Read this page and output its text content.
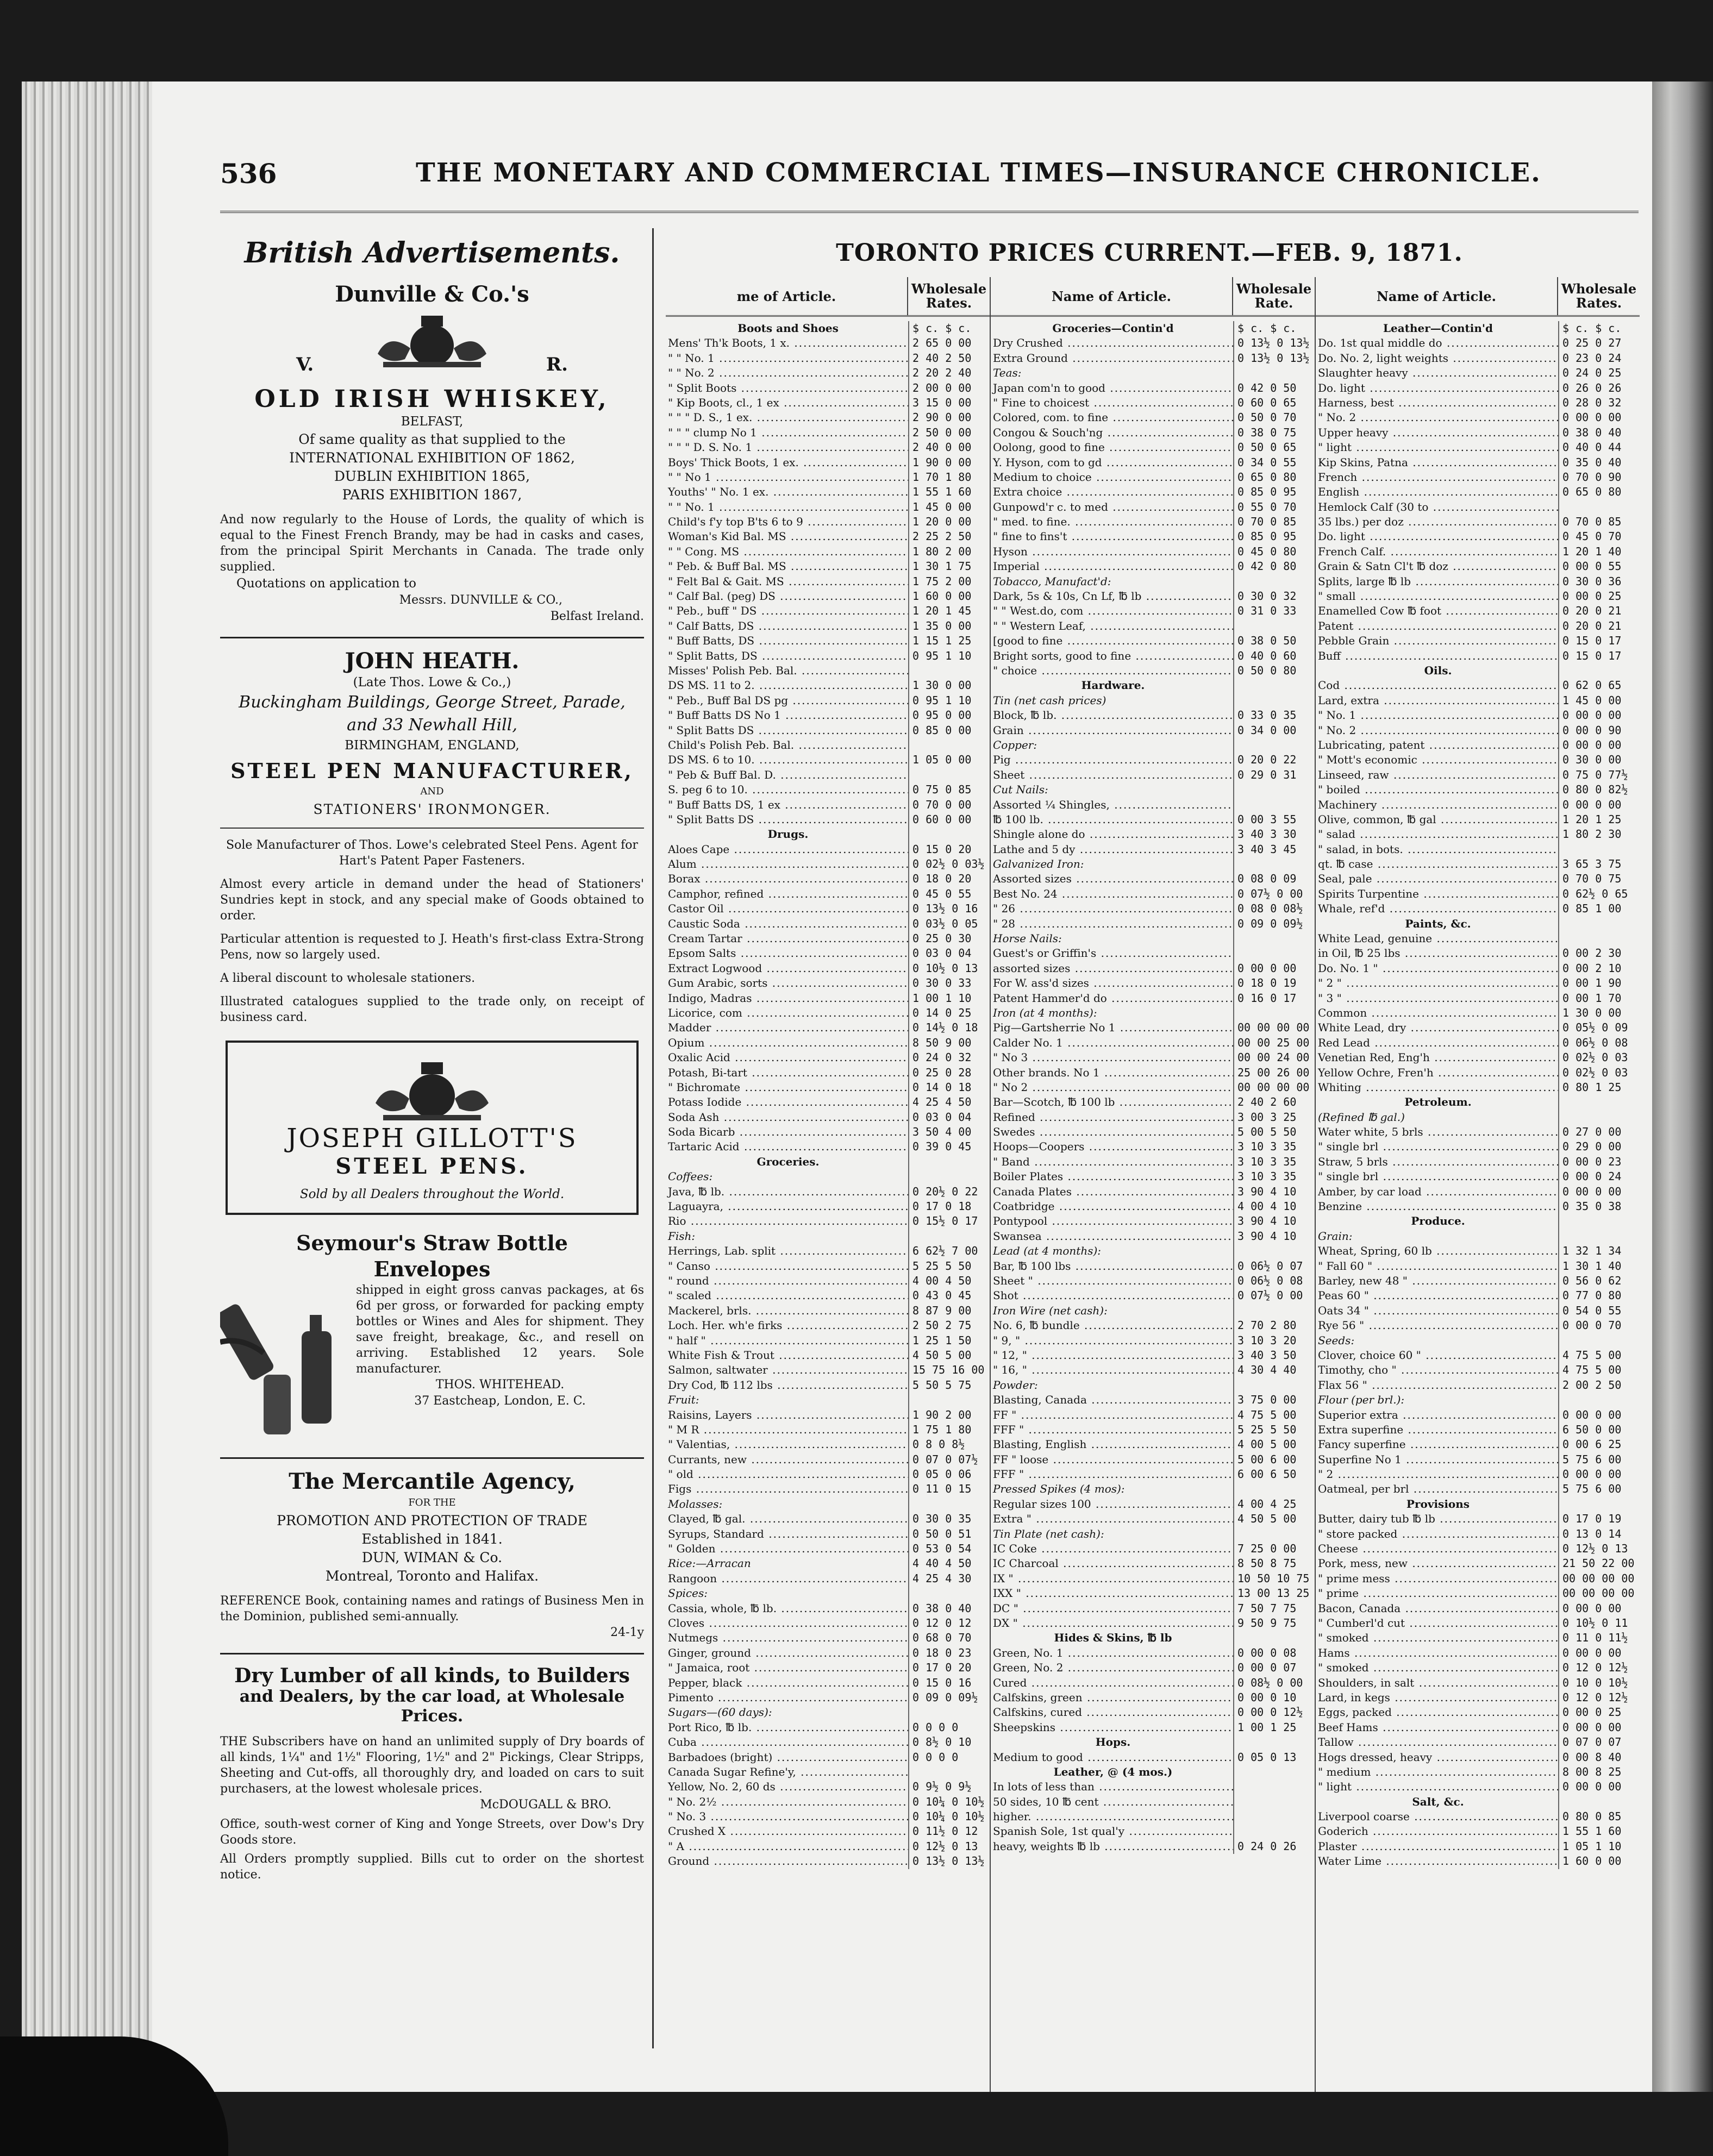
536	THE MONETARY AND COMMERCIAL TIMES—INSURANCE CHRONICLE.
British Advertisements.
Dunville & Co.'s
V.	R.
OLD IRISH WHISKEY,
BELFAST,
Of same quality as that supplied to the
INTERNATIONAL EXHIBITION OF 1862,
DUBLIN EXHIBITION 1865,
PARIS EXHIBITION 1867,
And now regularly to the House of Lords, the quality of which is equal to the Finest French Brandy, may be had in casks and cases, from the principal Spirit Merchants in Canada. The trade only supplied.
Quotations on application to
Messrs. DUNVILLE & CO.,
Belfast Ireland.
JOHN HEATH.
(Late Thos. Lowe & Co.,)
Buckingham Buildings, George Street, Parade,
and 33 Newhall Hill,
BIRMINGHAM, ENGLAND,
STEEL PEN MANUFACTURER,
AND
STATIONERS' IRONMONGER.
Sole Manufacturer of Thos. Lowe's celebrated Steel Pens. Agent for Hart's Patent Paper Fasteners.
Almost every article in demand under the head of Stationers' Sundries kept in stock, and any special make of Goods obtained to order.
Particular attention is requested to J. Heath's first-class Extra-Strong Pens, now so largely used.
A liberal discount to wholesale stationers.
Illustrated catalogues supplied to the trade only, on receipt of business card.
JOSEPH GILLOTT'S
STEEL PENS.
Sold by all Dealers throughout the World.
Seymour's Straw Bottle
Envelopes
shipped in eight gross canvas packages, at 6s 6d per gross, or forwarded for packing empty bottles or Wines and Ales for shipment. They save freight, breakage, &c., and resell on arriving. Established 12 years. Sole manufacturer.
THOS. WHITEHEAD.
37 Eastcheap, London, E. C.
The Mercantile Agency,
FOR THE
PROMOTION AND PROTECTION OF TRADE
Established in 1841.
DUN, WIMAN & Co.
Montreal, Toronto and Halifax.
REFERENCE Book, containing names and ratings of Business Men in the Dominion, published semi-annually.
24-1y
Dry Lumber of all kinds, to Builders
and Dealers, by the car load, at Wholesale Prices.
THE Subscribers have on hand an unlimited supply of Dry boards of all kinds, 1¼" and 1½" Flooring, 1½" and 2" Pickings, Clear Stripps, Sheeting and Cut-offs, all thoroughly dry, and loaded on cars to suit purchasers, at the lowest wholesale prices.
McDOUGALL & BRO.
Office, south-west corner of King and Yonge Streets, over Dow's Dry Goods store.
All Orders promptly supplied. Bills cut to order on the shortest notice.
TORONTO PRICES CURRENT.—FEB. 9, 1871.
me of Article.	Wholesale Rates.
Boots and Shoes	$ c. $ c.
Mens' Th'k Boots, 1 x. .....	2 65 0 00
" " No. 1 .....	2 40 2 50
" " No. 2 .....	2 20 2 40
" Split Boots .....	2 00 0 00
" Kip Boots, cl., 1 ex .....	3 15 0 00
" " " D. S., 1 ex. .....	2 90 0 00
" " " clump No 1 .....	2 50 0 00
" " " D. S. No. 1 .....	2 40 0 00
Boys' Thick Boots, 1 ex. .....	1 90 0 00
" " No 1 .....	1 70 1 80
Youths' " No. 1 ex. .....	1 55 1 60
" " No. 1 .....	1 45 0 00
Child's f'y top B'ts 6 to 9 .....	1 20 0 00
Woman's Kid Bal. MS .....	2 25 2 50
" " Cong. MS .....	1 80 2 00
" Peb. & Buff Bal. MS .....	1 30 1 75
" Felt Bal & Gait. MS .....	1 75 2 00
" Calf Bal. (peg) DS .....	1 60 0 00
" Peb., buff " DS .....	1 20 1 45
" Calf Batts, DS .....	1 35 0 00
" Buff Batts, DS .....	1 15 1 25
" Split Batts, DS .....	0 95 1 10
Misses' Polish Peb. Bal. .....
DS MS. 11 to 2. .....	1 30 0 00
" Peb., Buff Bal DS pg .....	0 95 1 10
" Buff Batts DS No 1 .....	0 95 0 00
" Split Batts DS .....	0 85 0 00
Child's Polish Peb. Bal. .....
DS MS. 6 to 10. .....	1 05 0 00
" Peb & Buff Bal. D. .....
S. peg 6 to 10. .....	0 75 0 85
" Buff Batts DS, 1 ex .....	0 70 0 00
" Split Batts DS .....	0 60 0 00
Drugs.
Aloes Cape .....	0 15 0 20
Alum .....	0 02½ 0 03½
Borax .....	0 18 0 20
Camphor, refined .....	0 45 0 55
Castor Oil .....	0 13½ 0 16
Caustic Soda .....	0 03½ 0 05
Cream Tartar .....	0 25 0 30
Epsom Salts .....	0 03 0 04
Extract Logwood .....	0 10½ 0 13
Gum Arabic, sorts .....	0 30 0 33
Indigo, Madras .....	1 00 1 10
Licorice, com .....	0 14 0 25
Madder .....	0 14½ 0 18
Opium .....	8 50 9 00
Oxalic Acid .....	0 24 0 32
Potash, Bi-tart .....	0 25 0 28
" Bichromate .....	0 14 0 18
Potass Iodide .....	4 25 4 50
Soda Ash .....	0 03 0 04
Soda Bicarb .....	3 50 4 00
Tartaric Acid .....	0 39 0 45
Groceries.
Coffees:
Java, ℔ lb. .....	0 20½ 0 22
Laguayra, .....	0 17 0 18
Rio .....	0 15½ 0 17
Fish:
Herrings, Lab. split .....	6 62½ 7 00
" Canso .....	5 25 5 50
" round .....	4 00 4 50
" scaled .....	0 43 0 45
Mackerel, brls. .....	8 87 9 00
Loch. Her. wh'e firks .....	2 50 2 75
" half " .....	1 25 1 50
White Fish & Trout .....	4 50 5 00
Salmon, saltwater .....	15 75 16 00
Dry Cod, ℔ 112 lbs .....	5 50 5 75
Fruit:
Raisins, Layers .....	1 90 2 00
" M R .....	1 75 1 80
" Valentias, .....	0 8 0 8½
Currants, new .....	0 07 0 07½
" old .....	0 05 0 06
Figs .....	0 11 0 15
Molasses:
Clayed, ℔ gal. .....	0 30 0 35
Syrups, Standard .....	0 50 0 51
" Golden .....	0 53 0 54
Rice:—Arracan	4 40 4 50
Rangoon .....	4 25 4 30
Spices:
Cassia, whole, ℔ lb. .....	0 38 0 40
Cloves .....	0 12 0 12
Nutmegs .....	0 68 0 70
Ginger, ground .....	0 18 0 23
" Jamaica, root .....	0 17 0 20
Pepper, black .....	0 15 0 16
Pimento .....	0 09 0 09½
Sugars—(60 days):
Port Rico, ℔ lb. .....	0 0 0 0
Cuba .....	0 8½ 0 10
Barbadoes (bright) .....	0 0 0 0
Canada Sugar Refine'y, .....
Yellow, No. 2, 60 ds .....	0 9½ 0 9½
" No. 2½ .....	0 10¼ 0 10½
" No. 3 .....	0 10¼ 0 10½
Crushed X .....	0 11½ 0 12
" A .....	0 12½ 0 13
Ground .....	0 13½ 0 13½
Name of Article.	Wholesale Rate.
Groceries—Contin'd	$ c. $ c.
Dry Crushed .....	0 13½ 0 13½
Extra Ground .....	0 13½ 0 13½
Teas:
Japan com'n to good .....	0 42 0 50
" Fine to choicest .....	0 60 0 65
Colored, com. to fine .....	0 50 0 70
Congou & Souch'ng .....	0 38 0 75
Oolong, good to fine .....	0 50 0 65
Y. Hyson, com to gd .....	0 34 0 55
Medium to choice .....	0 65 0 80
Extra choice .....	0 85 0 95
Gunpowd'r c. to med .....	0 55 0 70
" med. to fine. .....	0 70 0 85
" fine to fins't .....	0 85 0 95
Hyson .....	0 45 0 80
Imperial .....	0 42 0 80
Tobacco, Manufact'd:
Dark, 5s & 10s, Cn Lf, ℔ lb .....	0 30 0 32
" " West.do, com .....	0 31 0 33
" " Western Leaf, .....
[good to fine .....	0 38 0 50
Bright sorts, good to fine .....	0 40 0 60
" choice .....	0 50 0 80
Hardware.
Tin (net cash prices)
Block, ℔ lb. .....	0 33 0 35
Grain .....	0 34 0 00
Copper:
Pig .....	0 20 0 22
Sheet .....	0 29 0 31
Cut Nails:
Assorted ¼ Shingles, .....
℔ 100 lb. .....	0 00 3 55
Shingle alone do .....	3 40 3 30
Lathe and 5 dy .....	3 40 3 45
Galvanized Iron:
Assorted sizes .....	0 08 0 09
Best No. 24 .....	0 07½ 0 00
" 26 .....	0 08 0 08½
" 28 .....	0 09 0 09½
Horse Nails:
Guest's or Griffin's .....
assorted sizes .....	0 00 0 00
For W. ass'd sizes .....	0 18 0 19
Patent Hammer'd do .....	0 16 0 17
Iron (at 4 months):
Pig—Gartsherrie No 1 .....	00 00 00 00
Calder No. 1 .....	00 00 25 00
" No 3 .....	00 00 24 00
Other brands. No 1 .....	25 00 26 00
" No 2 .....	00 00 00 00
Bar—Scotch, ℔ 100 lb .....	2 40 2 60
Refined .....	3 00 3 25
Swedes .....	5 00 5 50
Hoops—Coopers .....	3 10 3 35
" Band .....	3 10 3 35
Boiler Plates .....	3 10 3 35
Canada Plates .....	3 90 4 10
Coatbridge .....	4 00 4 10
Pontypool .....	3 90 4 10
Swansea .....	3 90 4 10
Lead (at 4 months):
Bar, ℔ 100 lbs .....	0 06½ 0 07
Sheet " .....	0 06½ 0 08
Shot .....	0 07½ 0 00
Iron Wire (net cash):
No. 6, ℔ bundle .....	2 70 2 80
" 9, " .....	3 10 3 20
" 12, " .....	3 40 3 50
" 16, " .....	4 30 4 40
Powder:
Blasting, Canada .....	3 75 0 00
FF " .....	4 75 5 00
FFF " .....	5 25 5 50
Blasting, English .....	4 00 5 00
FF " loose .....	5 00 6 00
FFF " .....	6 00 6 50
Pressed Spikes (4 mos):
Regular sizes 100 .....	4 00 4 25
Extra " .....	4 50 5 00
Tin Plate (net cash):
IC Coke .....	7 25 0 00
IC Charcoal .....	8 50 8 75
IX " .....	10 50 10 75
IXX " .....	13 00 13 25
DC " .....	7 50 7 75
DX " .....	9 50 9 75
Hides & Skins, ℔ lb
Green, No. 1 .....	0 00 0 08
Green, No. 2 .....	0 00 0 07
Cured .....	0 08½ 0 00
Calfskins, green .....	0 00 0 10
Calfskins, cured .....	0 00 0 12½
Sheepskins .....	1 00 1 25
Hops.
Medium to good .....	0 05 0 13
Leather, @ (4 mos.)
In lots of less than .....
50 sides, 10 ℔ cent .....
higher. .....
Spanish Sole, 1st qual'y .....
heavy, weights ℔ lb .....	0 24 0 26
Name of Article.	Wholesale Rates.
Leather—Contin'd	$ c. $ c.
Do. 1st qual middle do .....	0 25 0 27
Do. No. 2, light weights .....	0 23 0 24
Slaughter heavy .....	0 24 0 25
Do. light .....	0 26 0 26
Harness, best .....	0 28 0 32
" No. 2 .....	0 00 0 00
Upper heavy .....	0 38 0 40
" light .....	0 40 0 44
Kip Skins, Patna .....	0 35 0 40
French .....	0 70 0 90
English .....	0 65 0 80
Hemlock Calf (30 to .....
35 lbs.) per doz .....	0 70 0 85
Do. light .....	0 45 0 70
French Calf. .....	1 20 1 40
Grain & Satn Cl't ℔ doz .....	0 00 0 55
Splits, large ℔ lb .....	0 30 0 36
" small .....	0 00 0 25
Enamelled Cow ℔ foot .....	0 20 0 21
Patent .....	0 20 0 21
Pebble Grain .....	0 15 0 17
Buff .....	0 15 0 17
Oils.
Cod .....	0 62 0 65
Lard, extra .....	1 45 0 00
" No. 1 .....	0 00 0 00
" No. 2 .....	0 00 0 90
Lubricating, patent .....	0 00 0 00
" Mott's economic .....	0 30 0 00
Linseed, raw .....	0 75 0 77½
" boiled .....	0 80 0 82½
Machinery .....	0 00 0 00
Olive, common, ℔ gal .....	1 20 1 25
" salad .....	1 80 2 30
" salad, in bots. .....
qt. ℔ case .....	3 65 3 75
Seal, pale .....	0 70 0 75
Spirits Turpentine .....	0 62½ 0 65
Whale, ref'd .....	0 85 1 00
Paints, &c.
White Lead, genuine .....
in Oil, ℔ 25 lbs .....	0 00 2 30
Do. No. 1 " .....	0 00 2 10
" 2 " .....	0 00 1 90
" 3 " .....	0 00 1 70
Common .....	1 30 0 00
White Lead, dry .....	0 05½ 0 09
Red Lead .....	0 06½ 0 08
Venetian Red, Eng'h .....	0 02½ 0 03
Yellow Ochre, Fren'h .....	0 02½ 0 03
Whiting .....	0 80 1 25
Petroleum.
(Refined ℔ gal.)
Water white, 5 brls .....	0 27 0 00
" single brl .....	0 29 0 00
Straw, 5 brls .....	0 00 0 23
" single brl .....	0 00 0 24
Amber, by car load .....	0 00 0 00
Benzine .....	0 35 0 38
Produce.
Grain:
Wheat, Spring, 60 lb .....	1 32 1 34
" Fall 60 " .....	1 30 1 40
Barley, new 48 " .....	0 56 0 62
Peas 60 " .....	0 77 0 80
Oats 34 " .....	0 54 0 55
Rye 56 " .....	0 00 0 70
Seeds:
Clover, choice 60 " .....	4 75 5 00
Timothy, cho " .....	4 75 5 00
Flax 56 " .....	2 00 2 50
Flour (per brl.):
Superior extra .....	0 00 0 00
Extra superfine .....	6 50 0 00
Fancy superfine .....	0 00 6 25
Superfine No 1 .....	5 75 6 00
" 2 .....	0 00 0 00
Oatmeal, per brl .....	5 75 6 00
Provisions
Butter, dairy tub ℔ lb .....	0 17 0 19
" store packed .....	0 13 0 14
Cheese .....	0 12½ 0 13
Pork, mess, new .....	21 50 22 00
" prime mess .....	00 00 00 00
" prime .....	00 00 00 00
Bacon, Canada .....	0 00 0 00
" Cumberl'd cut .....	0 10½ 0 11
" smoked .....	0 11 0 11½
Hams .....	0 00 0 00
" smoked .....	0 12 0 12½
Shoulders, in salt .....	0 10 0 10½
Lard, in kegs .....	0 12 0 12½
Eggs, packed .....	0 00 0 25
Beef Hams .....	0 00 0 00
Tallow .....	0 07 0 07
Hogs dressed, heavy .....	0 00 8 40
" medium .....	8 00 8 25
" light .....	0 00 0 00
Salt, &c.
Liverpool coarse .....	0 80 0 85
Goderich .....	1 55 1 60
Plaster .....	1 05 1 10
Water Lime .....	1 60 0 00
